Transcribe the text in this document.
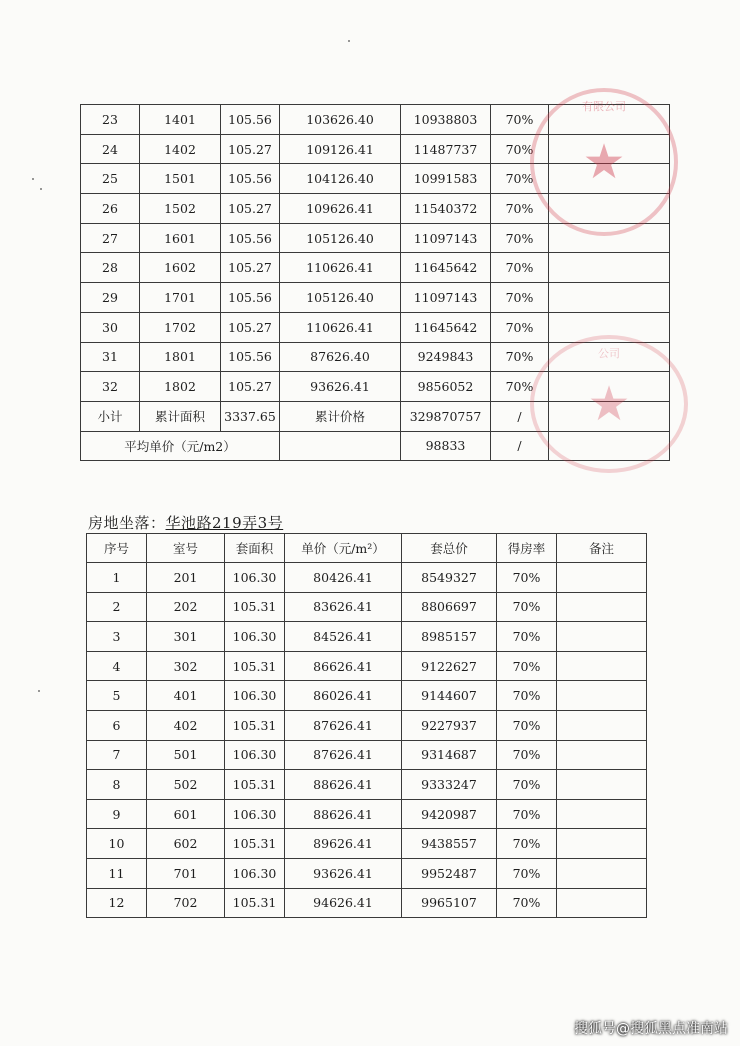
23	1401	105.56	103626.40	10938803	70%	
24	1402	105.27	109126.41	11487737	70%	
25	1501	105.56	104126.40	10991583	70%	
26	1502	105.27	109626.41	11540372	70%	
27	1601	105.56	105126.40	11097143	70%	
28	1602	105.27	110626.41	11645642	70%	
29	1701	105.56	105126.40	11097143	70%	
30	1702	105.27	110626.41	11645642	70%	
31	1801	105.56	87626.40	9249843	70%	
32	1802	105.27	93626.41	9856052	70%	
小计	累计面积	3337.65	累计价格	329870757	/	
平均单价（元/m2）				98833	/	
有限公司
★
公司
★
房地坐落：华池路219弄3号
序号	室号	套面积	单价（元/m²）	套总价	得房率	备注
1	201	106.30	80426.41	8549327	70%	
2	202	105.31	83626.41	8806697	70%	
3	301	106.30	84526.41	8985157	70%	
4	302	105.31	86626.41	9122627	70%	
5	401	106.30	86026.41	9144607	70%	
6	402	105.31	87626.41	9227937	70%	
7	501	106.30	87626.41	9314687	70%	
8	502	105.31	88626.41	9333247	70%	
9	601	106.30	88626.41	9420987	70%	
10	602	105.31	89626.41	9438557	70%	
11	701	106.30	93626.41	9952487	70%	
12	702	105.31	94626.41	9965107	70%	
搜狐号@搜狐黑点准南站
